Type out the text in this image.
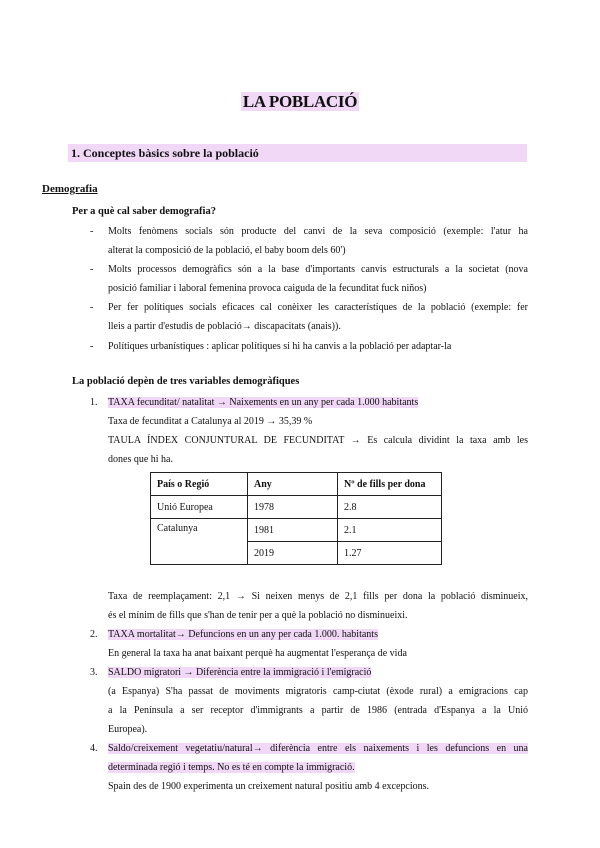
LA POBLACIÓ
1. Conceptes bàsics sobre la població
Demografia
Per a què cal saber demografia?
- Molts fenòmens socials són producte del canvi de la seva composició (exemple: l'atur ha
alterat la composició de la població, el baby boom dels 60')
- Molts processos demogràfics són a la base d'importants canvis estructurals a la societat (nova
posició familiar i laboral femenina provoca caiguda de la fecunditat fuck niños)
- Per fer polítiques socials eficaces cal conèixer les característiques de la població (exemple: fer
lleis a partir d'estudis de població→ discapacitats (anais)).
- Polítiques urbanístiques : aplicar polítiques si hi ha canvis a la població per adaptar-la
La població depèn de tres variables demogràfiques
1. TAXA fecunditat/ natalitat → Naixements en un any per cada 1.000 habitants
Taxa de fecunditat a Catalunya al 2019 → 35,39 %
TAULA ÍNDEX CONJUNTURAL DE FECUNDITAT → Es calcula dividint la taxa amb les
dones que hi ha.
País o Regió	Any	Nº de fills per dona
Unió Europea	1978	2.8
Catalunya	1981	2.1
	2019	1.27
Taxa de reemplaçament: 2,1 → Si neixen menys de 2,1 fills per dona la població disminueix,
és el mínim de fills que s'han de tenir per a què la població no disminueixi.
2. TAXA mortalitat→ Defuncions en un any per cada 1.000. habitants
En general la taxa ha anat baixant perquè ha augmentat l'esperança de vida
3. SALDO migratori → Diferència entre la immigració i l'emigració
(a Espanya) S'ha passat de moviments migratoris camp-ciutat (èxode rural) a emigracions cap
a la Península a ser receptor d'immigrants a partir de 1986 (entrada d'Espanya a la Unió
Europea).
4. Saldo/creixement vegetatiu/natural→ diferència entre els naixements i les defuncions en una
determinada regió i temps. No es té en compte la immigració.
Spain des de 1900 experimenta un creixement natural positiu amb 4 excepcions.
